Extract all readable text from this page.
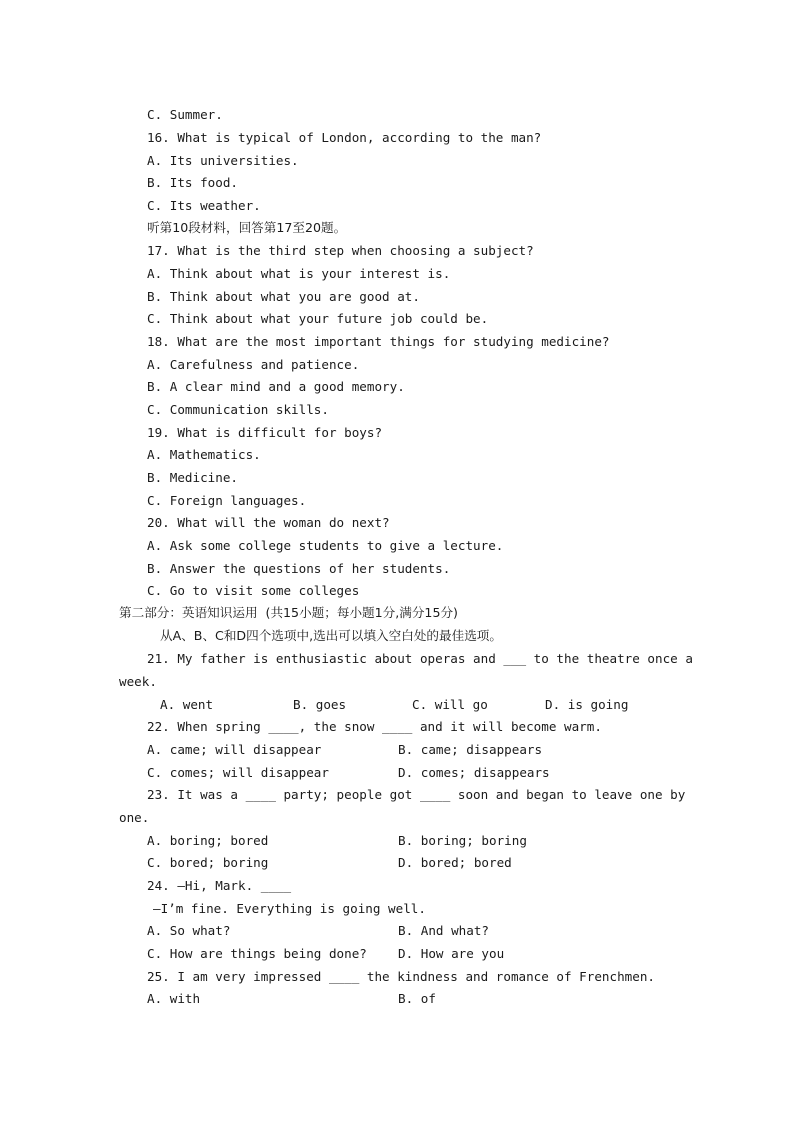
C. Summer.
16. What is typical of London, according to the man?
A. Its universities.
B. Its food.
C. Its weather.
听第10段材料，回答第17至20题。
17. What is the third step when choosing a subject?
A. Think about what is your interest is.
B. Think about what you are good at.
C. Think about what your future job could be.
18. What are the most important things for studying medicine?
A. Carefulness and patience.
B. A clear mind and a good memory.
C. Communication skills.
19. What is difficult for boys?
A. Mathematics.
B. Medicine.
C. Foreign languages.
20. What will the woman do next?
A. Ask some college students to give a lecture.
B. Answer the questions of her students.
C. Go to visit some colleges
第二部分：英语知识运用  (共15小题；每小题1分,满分15分)
从A、B、C和D四个选项中,选出可以填入空白处的最佳选项。
21. My father is enthusiastic about operas and ___ to the theatre once a
week.
A. went	B. goes	C. will go	D. is going
22. When spring ____, the snow ____ and it will become warm.
A. came; will disappear	B. came; disappears
C. comes; will disappear	D. comes; disappears
23. It was a ____ party; people got ____ soon and began to leave one by
one.
A. boring; bored	B. boring; boring
C. bored; boring	D. bored; bored
24. —Hi, Mark. ____
—I’m fine. Everything is going well.
A. So what?	B. And what?
C. How are things being done? D. How are you
25. I am very impressed ____ the kindness and romance of Frenchmen.
A. with	B. of
